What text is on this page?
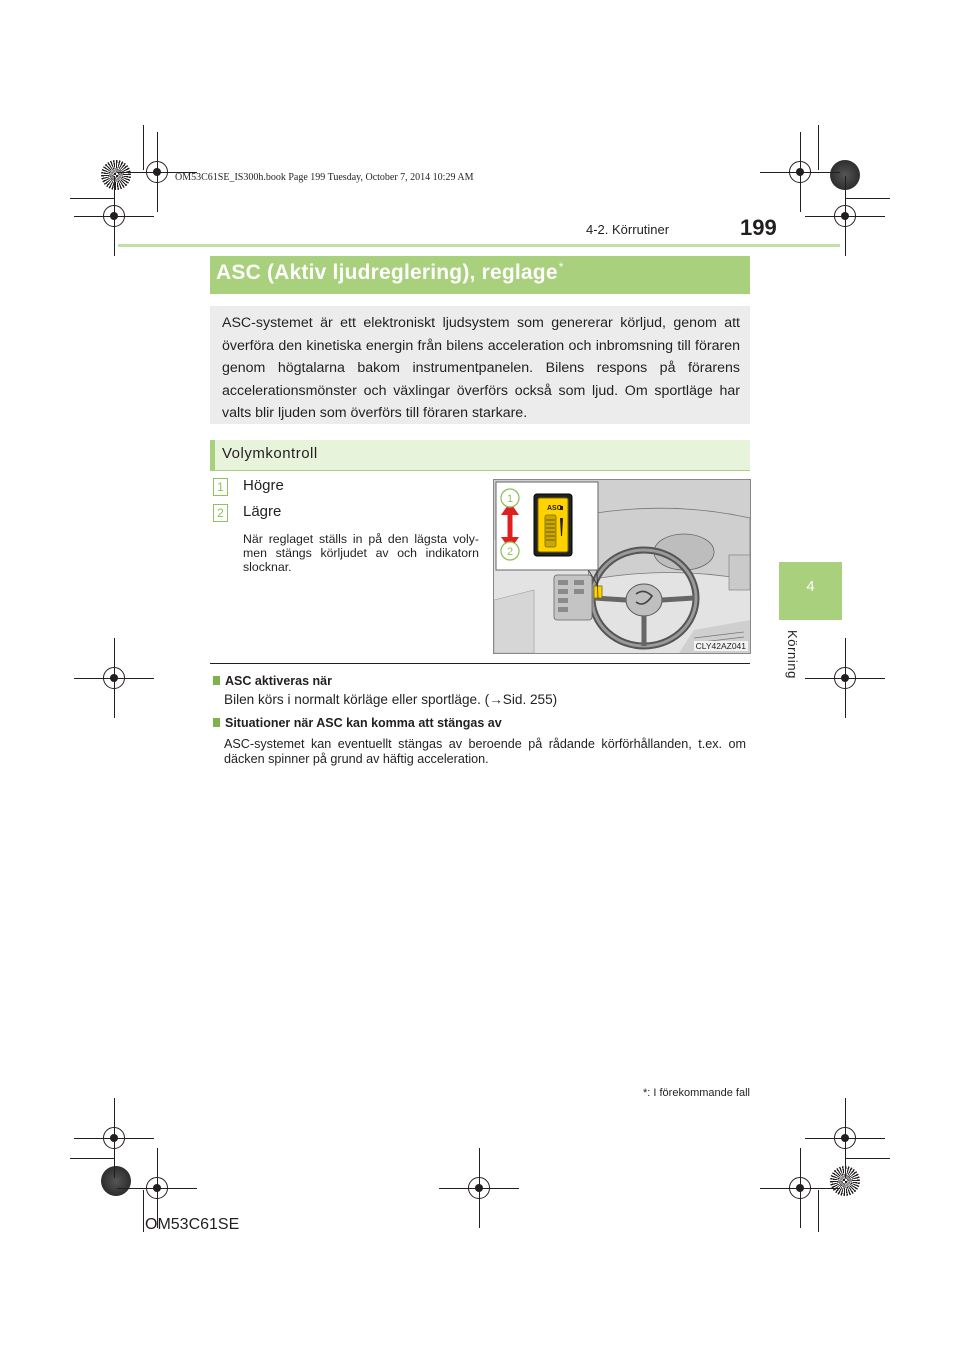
OM53C61SE_IS300h.book Page 199 Tuesday, October 7, 2014 10:29 AM
4-2. Körrutiner	199
ASC (Aktiv ljudreglering), reglage*
ASC-systemet är ett elektroniskt ljudsystem som genererar körljud, genom att överföra den kinetiska energin från bilens acceleration och inbromsning till föraren genom högtalarna bakom instrumentpanelen. Bilens respons på förarens accelerationsmönster och växlingar överförs också som ljud. Om sportläge har valts blir ljuden som överförs till föraren starkare.
Volymkontroll
1 Högre
2 Lägre
När reglaget ställs in på den lägsta volymen stängs körljudet av och indikatorn slocknar.
1
2
ASC
CLY42AZ041
ASC aktiveras när
Bilen körs i normalt körläge eller sportläge. (→Sid. 255)
Situationer när ASC kan komma att stängas av
ASC-systemet kan eventuellt stängas av beroende på rådande körförhållanden, t.ex. om däcken spinner på grund av häftig acceleration.
4
Körning
*: I förekommande fall
OM53C61SE
